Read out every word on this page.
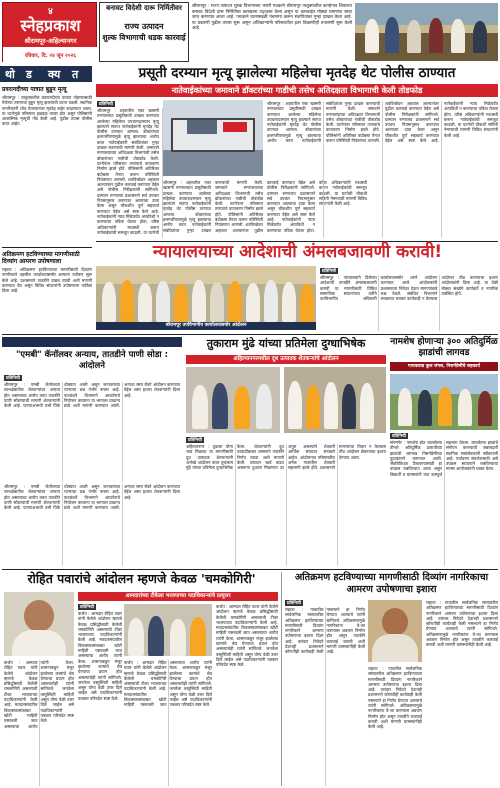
४
स्नेहप्रकाश
श्रीरामपूर-अहिल्यानगर
रविवार, दि. २४ जून २०२६
बनावट विदेशी दारू निर्मितीवर
राज्य उत्पादन
शुल्क विभागाची धडक कारवाई
श्रीरामपूर : राज्य उत्पादन शुल्क विभागाच्या भरारी पथकाने श्रीरामपूर तालुक्यातील कान्हेगाव शिवारात बनावट विदेशी दारू निर्मितीचा कारखाना उद्ध्वस्त केला असून या कारवाईत मोठ्या प्रमाणात साठा जप्त करण्यात आला आहे. पथकाने घटनास्थळी पंचनामा करून संशयितांवर गुन्हा दाखल केला आहे. या प्रकरणी पुढील तपास सुरू असून अधिकाऱ्यांनी परिसरातील इतर ठिकाणीही तपासणी सुरू केली आहे.
थो ड क्य त
प्रवरानदीच्या पात्रात बुडून मृत्यू
श्रीरामपूर : तालुक्यातील प्रवरानदीच्या पात्रात पोहण्यासाठी गेलेल्या तरुणाचा बुडून मृत्यू झाल्याची घटना घडली. स्थानिक नागरिकांनी शोध घेतल्यानंतर मृतदेह बाहेर काढण्यात आला. या घटनेमुळे परिसरात हळहळ व्यक्त होत असून पोलिसांनी आकस्मिक मृत्यूची नोंद केली आहे. पुढील तपास पोलीस करत आहेत.
अतिक्रमण हटविण्याच्या मागणीसाठी दिव्यांग आमरण उपोषणाला
राहाता : अतिक्रमण हटविण्याच्या मागणीसाठी दिव्यांग नागरिकाने तहसील कार्यालयासमोर आमरण उपोषण सुरू केले आहे. प्रशासनाने तातडीने दखल घ्यावी अशी मागणी करण्यात येत असून विविध संघटनांनी उपोषणाला पाठिंबा दिला आहे.
प्रसूती दरम्यान मृत्यू झालेल्या महिलेचा मृतदेह थेट पोलीस ठाण्यात
नातेवाईकांच्या जमावाने डॉक्टरांच्या गाडीची तसेच अतिदक्षता विभागाची केली तोडफोड
प्रतिनिधी
श्रीरामपूर : शहरातील एका खासगी रुग्णालयात प्रसूतीसाठी दाखल करण्यात आलेल्या महिलेचा उपचारादरम्यान मृत्यू झाल्याने संतप्त नातेवाईकांनी मृतदेह थेट पोलीस ठाण्यात आणला. डॉक्टरांच्या हलगर्जीपणामुळे मृत्यू झाल्याचा आरोप करत नातेवाईकांनी संबंधितांवर गुन्हा दाखल करण्याची मागणी केली. जमावाने रुग्णालयाच्या अतिदक्षता विभागाची तसेच डॉक्टरांच्या गाडीची तोडफोड केली. घटनेनंतर परिसरात तणावाचे वातावरण निर्माण झाले होते. पोलिसांनी अतिरिक्त बंदोबस्त तैनात करून परिस्थिती नियंत्रणात आणली. शवविच्छेदन अहवाल आल्यानंतर पुढील कारवाई करण्यात येईल असे पोलीस निरीक्षकांनी सांगितले. दरम्यान रुग्णालय प्रशासनाने सर्व उपचार नियमानुसार करण्यात आल्याचा दावा केला असून चौकशीत पूर्ण सहकार्य करण्यात येईल असे स्पष्ट केले आहे. नातेवाईकांनी न्याय मिळेपर्यंत अंत्यविधी न करण्याचा पवित्रा घेतला होता. वरिष्ठ अधिकाऱ्यांनी मध्यस्थी करून नातेवाईकांची समजूत काढली. या घटनेची
श्रीरामपूर : शहरातील एका खासगी रुग्णालयात प्रसूतीसाठी दाखल करण्यात आलेल्या महिलेचा उपचारादरम्यान मृत्यू झाल्याने संतप्त नातेवाईकांनी मृतदेह थेट पोलीस ठाण्यात आणला. डॉक्टरांच्या हलगर्जीपणामुळे मृत्यू झाल्याचा आरोप करत नातेवाईकांनी संबंधितांवर गुन्हा दाखल करण्याची मागणी केली. जमावाने रुग्णालयाच्या अतिदक्षता विभागाची तसेच डॉक्टरांच्या गाडीची तोडफोड केली. घटनेनंतर परिसरात तणावाचे वातावरण निर्माण झाले होते. पोलिसांनी अतिरिक्त बंदोबस्त तैनात करून परिस्थिती नियंत्रणात आणली. शवविच्छेदन अहवाल आल्यानंतर पुढील कारवाई करण्यात येईल असे पोलीस निरीक्षकांनी सांगितले. दरम्यान रुग्णालय प्रशासनाने सर्व उपचार नियमानुसार करण्यात आल्याचा दावा केला असून चौकशीत पूर्ण सहकार्य करण्यात येईल असे स्पष्ट केले आहे. नातेवाईकांनी न्याय मिळेपर्यंत अंत्यविधी न करण्याचा पवित्रा घेतला होता. वरिष्ठ अधिकाऱ्यांनी मध्यस्थी करून नातेवाईकांची समजूत काढली. या घटनेची चौकशी समिती नेमण्याची मागणी विविध संघटनांनी केली आहे.
श्रीरामपूर : शहरातील एका खासगी रुग्णालयात प्रसूतीसाठी दाखल करण्यात आलेल्या महिलेचा उपचारादरम्यान मृत्यू झाल्याने संतप्त नातेवाईकांनी मृतदेह थेट पोलीस ठाण्यात आणला. डॉक्टरांच्या हलगर्जीपणामुळे मृत्यू झाल्याचा आरोप करत नातेवाईकांनी संबंधितांवर गुन्हा दाखल करण्याची मागणी केली. जमावाने रुग्णालयाच्या अतिदक्षता विभागाची तसेच डॉक्टरांच्या गाडीची तोडफोड केली. घटनेनंतर परिसरात तणावाचे वातावरण निर्माण झाले होते. पोलिसांनी अतिरिक्त बंदोबस्त तैनात करून परिस्थिती नियंत्रणात आणली. शवविच्छेदन अहवाल आल्यानंतर पुढील कारवाई करण्यात येईल असे पोलीस निरीक्षकांनी सांगितले. दरम्यान रुग्णालय प्रशासनाने सर्व उपचार नियमानुसार करण्यात आल्याचा दावा केला असून चौकशीत पूर्ण सहकार्य करण्यात येईल असे स्पष्ट केले आहे. नातेवाईकांनी न्याय मिळेपर्यंत अंत्यविधी न करण्याचा पवित्रा घेतला होता. वरिष्ठ अधिकाऱ्यांनी मध्यस्थी करून नातेवाईकांची समजूत काढली. या घटनेची चौकशी समिती नेमण्याची मागणी विविध संघटनांनी केली आहे.
न्यायालयाच्या आदेशाची अंमलबजावणी करावी!
श्रीरामपूर उपविभागीय कार्यालयासमोर आंदोलन
प्रतिनिधी
श्रीरामपूर : न्यायालयाने दिलेल्या आदेशाची तातडीने अंमलबजावणी करावी या मागणीसाठी विविध सामाजिक संघटनांच्या वतीने उपविभागीय अधिकारी कार्यालयासमोर धरणे आंदोलन करण्यात आले. आंदोलकांनी प्रशासनाला निवेदन देऊन मागण्यांकडे लक्ष वेधले. संबंधित विभागाने लवकरात लवकर कार्यवाही न केल्यास आंदोलन तीव्र करण्याचा इशारा आंदोलकांनी दिला आहे. या वेळी मोठ्या संख्येने कार्यकर्ते व नागरिक उपस्थित होते.
तुकाराम मुंढे यांच्या प्रतिमेला दुग्धाभिषेक
अहिल्यानगरमधील दूध उत्पादक शेतकऱ्यांचे आंदोलन
नामशेष होणाऱ्या ३०० अतिदुर्मिळ झाडांची लागवड
गायकवाड कुल जंगल, निसर्गप्रेमींचे सहकार्य
"एमबी" कॅनॉलवर अन्याय, तातडीने पाणी सोडा : आंदोलने
प्रतिनिधी
श्रीरामपूर : एमबी कॅनॉलच्या लाभक्षेत्रातील शेतकऱ्यांवर अन्याय होत असल्याचा आरोप करत तातडीने पाणी सोडण्याची मागणी शेतकऱ्यांनी केली आहे. पाण्याअभावी उभी पिके धोक्यात आली असून जनावरांच्या चाऱ्याचा प्रश्न गंभीर बनला आहे. पाटबंधारे विभागाने आवर्तनाचे नियोजन करताना या भागाला प्राधान्य द्यावे अशी मागणी करण्यात आली. अन्यथा रस्ता रोको आंदोलन करण्यात येईल असा इशारा शेतकऱ्यांनी दिला आहे.
श्रीरामपूर : एमबी कॅनॉलच्या लाभक्षेत्रातील शेतकऱ्यांवर अन्याय होत असल्याचा आरोप करत तातडीने पाणी सोडण्याची मागणी शेतकऱ्यांनी केली आहे. पाण्याअभावी उभी पिके धोक्यात आली असून जनावरांच्या चाऱ्याचा प्रश्न गंभीर बनला आहे. पाटबंधारे विभागाने आवर्तनाचे नियोजन करताना या भागाला प्राधान्य द्यावे अशी मागणी करण्यात आली. अन्यथा रस्ता रोको आंदोलन करण्यात येईल असा इशारा शेतकऱ्यांनी दिला आहे.
प्रतिनिधी
अहिल्यानगर : दुधाला योग्य भाव मिळावा या मागणीसाठी दूध उत्पादक शेतकऱ्यांनी अनोखे आंदोलन करत तुकाराम मुंढे यांच्या प्रतिमेला दुग्धाभिषेक केला. शेतकऱ्यांनी दूध दरवाढीबाबत शासनाने तातडीने निर्णय घ्यावा अशी मागणी केली. उत्पादन खर्च वाढत असताना दुधाला मिळणारा दर अपुरा असल्याने शेतकरी आर्थिक संकटात सापडले आहेत. आंदोलनात परिसरातील अनेक गावांतील शेतकरी सहभागी झाले होते. प्रशासनाने मागण्यांचा विचार न केल्यास तीव्र आंदोलन छेडण्याचा इशारा देण्यात आला.
प्रतिनिधी
संगमनेर : नामशेष होत चाललेल्या तीनशे अतिदुर्मिळ प्रजातींच्या झाडांची लागवड निसर्गप्रेमींच्या पुढाकाराने करण्यात आली. जैवविविधता टिकवण्यासाठी हा उपक्रम राबविण्यात आला असून विद्यार्थी व ग्रामस्थांनी यात उत्स्फूर्त सहभाग घेतला. लावलेल्या झाडांचे संगोपन करण्याची जबाबदारी स्थानिक स्वयंसेवकांनी स्वीकारली आहे. पर्यावरण संवर्धनासाठी असे उपक्रम सातत्याने राबविण्याचा मानस आयोजकांनी व्यक्त केला.
रोहित पवारांचे आंदोलन म्हणजे केवळ 'चमकोगिरी'
कर्जत : आमदार रोहित पवार यांनी केलेले आंदोलन म्हणजे केवळ प्रसिद्धीसाठी केलेली चमकोगिरी असल्याची टीका भाजपाच्या पदाधिकाऱ्यांनी केली आहे. मतदारसंघातील विकासकामांबाबत खोटी माहिती पसरवली जात असल्याचा आरोप त्यांनी केला. शासनाकडून मंजूर झालेल्या कामांचे श्रेय घेण्याचा प्रयत्न होत असल्याचेही त्यांनी सांगितले. जनतेला वस्तुस्थिती माहिती असून योग्य वेळी उत्तर दिले जाईल असे पदाधिकाऱ्यांनी पत्रकार परिषदेत स्पष्ट केले.
आमदारांच्या टीकेला भाजपाच्या पदाधिकाऱ्यांचे प्रत्युत्तर
प्रतिनिधी
कर्जत : आमदार रोहित पवार यांनी केलेले आंदोलन म्हणजे केवळ प्रसिद्धीसाठी केलेली चमकोगिरी असल्याची टीका भाजपाच्या पदाधिकाऱ्यांनी केली आहे. मतदारसंघातील विकासकामांबाबत खोटी माहिती पसरवली जात असल्याचा आरोप त्यांनी केला. शासनाकडून मंजूर झालेल्या कामांचे श्रेय घेण्याचा प्रयत्न होत असल्याचेही त्यांनी सांगितले. जनतेला वस्तुस्थिती माहिती असून योग्य वेळी उत्तर दिले जाईल असे पदाधिकाऱ्यांनी पत्रकार परिषदेत स्पष्ट केले.
कर्जत : आमदार रोहित पवार यांनी केलेले आंदोलन म्हणजे केवळ प्रसिद्धीसाठी केलेली चमकोगिरी असल्याची टीका भाजपाच्या पदाधिकाऱ्यांनी केली आहे. मतदारसंघातील विकासकामांबाबत खोटी माहिती पसरवली जात असल्याचा आरोप त्यांनी केला. शासनाकडून मंजूर झालेल्या कामांचे श्रेय घेण्याचा प्रयत्न होत असल्याचेही त्यांनी सांगितले. जनतेला वस्तुस्थिती माहिती असून योग्य वेळी उत्तर दिले जाईल असे पदाधिकाऱ्यांनी पत्रकार परिषदेत स्पष्ट केले.
कर्जत : आमदार रोहित पवार यांनी केलेले आंदोलन म्हणजे केवळ प्रसिद्धीसाठी केलेली चमकोगिरी असल्याची टीका भाजपाच्या पदाधिकाऱ्यांनी केली आहे. मतदारसंघातील विकासकामांबाबत खोटी माहिती पसरवली जात असल्याचा आरोप त्यांनी केला. शासनाकडून मंजूर झालेल्या कामांचे श्रेय घेण्याचा प्रयत्न होत असल्याचेही त्यांनी सांगितले. जनतेला वस्तुस्थिती माहिती असून योग्य वेळी उत्तर दिले जाईल असे पदाधिकाऱ्यांनी पत्रकार परिषदेत स्पष्ट केले.
अतिक्रमण हटविण्याच्या मागणीसाठी दिव्यांग नागरिकाचा आमरण उपोषणाचा इशारा
प्रतिनिधी
राहाता : गावातील सार्वजनिक रस्त्यावरील अतिक्रमण हटविण्याच्या मागणीसाठी दिव्यांग नागरिकाने आमरण उपोषणाचा इशारा दिला आहे. वारंवार निवेदने देऊनही प्रशासनाने कोणतीही कार्यवाही केली नसल्याने हा निर्णय घेण्यात आल्याचे त्यांनी सांगितले. अतिक्रमणामुळे नागरिकांना ये-जा करण्यास अडचण निर्माण होत असून तातडीने कारवाई करावी अशी मागणी ग्रामस्थांनीही केली आहे.
राहाता : गावातील सार्वजनिक रस्त्यावरील अतिक्रमण हटविण्याच्या मागणीसाठी दिव्यांग नागरिकाने आमरण उपोषणाचा इशारा दिला आहे. वारंवार निवेदने देऊनही प्रशासनाने कोणतीही कार्यवाही केली नसल्याने हा निर्णय घेण्यात आल्याचे त्यांनी सांगितले. अतिक्रमणामुळे नागरिकांना ये-जा करण्यास अडचण निर्माण होत असून तातडीने कारवाई करावी अशी मागणी ग्रामस्थांनीही केली आहे.
राहाता : गावातील सार्वजनिक रस्त्यावरील अतिक्रमण हटविण्याच्या मागणीसाठी दिव्यांग नागरिकाने आमरण उपोषणाचा इशारा दिला आहे. वारंवार निवेदने देऊनही प्रशासनाने कोणतीही कार्यवाही केली नसल्याने हा निर्णय घेण्यात आल्याचे त्यांनी सांगितले. अतिक्रमणामुळे नागरिकांना ये-जा करण्यास अडचण निर्माण होत असून तातडीने कारवाई करावी अशी मागणी ग्रामस्थांनीही केली आहे.
